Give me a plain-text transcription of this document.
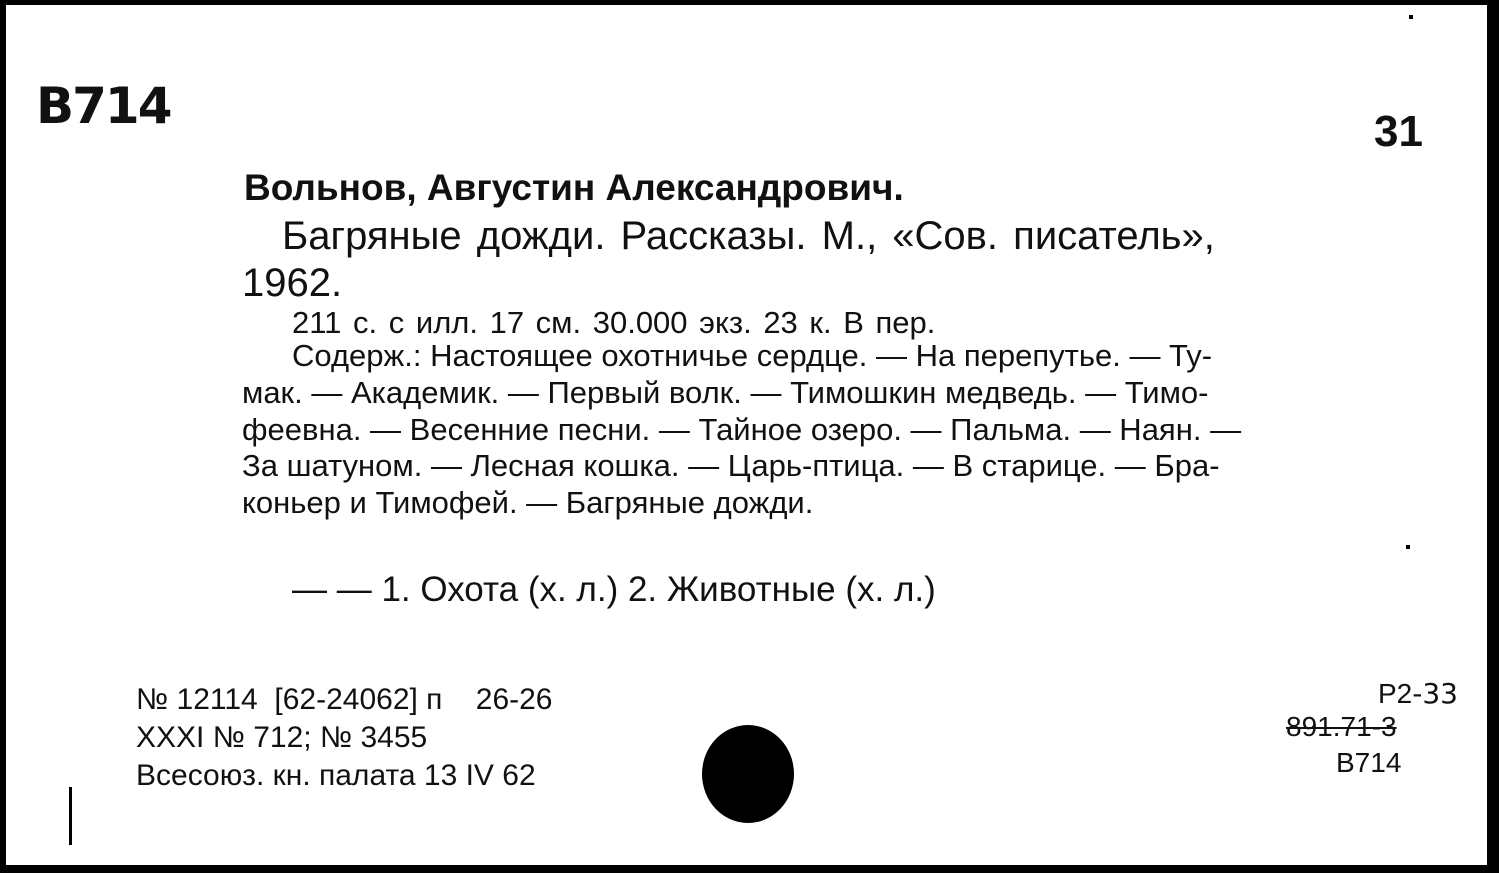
B714	31
Вольнов, Августин Александрович.
Багряные дожди. Рассказы. М., «Сов. писатель»,
1962.
211 с. с илл. 17 см. 30.000 экз. 23 к. В пер.
Содерж.: Настоящее охотничье сердце. — На перепутье. — Ту-
мак. — Академик. — Первый волк. — Тимошкин медведь. — Тимо-
феевна. — Весенние песни. — Тайное озеро. — Пальма. — Наян. —
За шатуном. — Лесная кошка. — Царь-птица. — В старице. — Бра-
коньер и Тимофей. — Багряные дожди.
— — 1. Охота (х. л.) 2. Животные (х. л.)
№ 12114  [62-24062] п    26-26
XXXI № 712; № 3455
Всесоюз. кн. палата 13 IV 62
Р2-33
891.71-3
В714
